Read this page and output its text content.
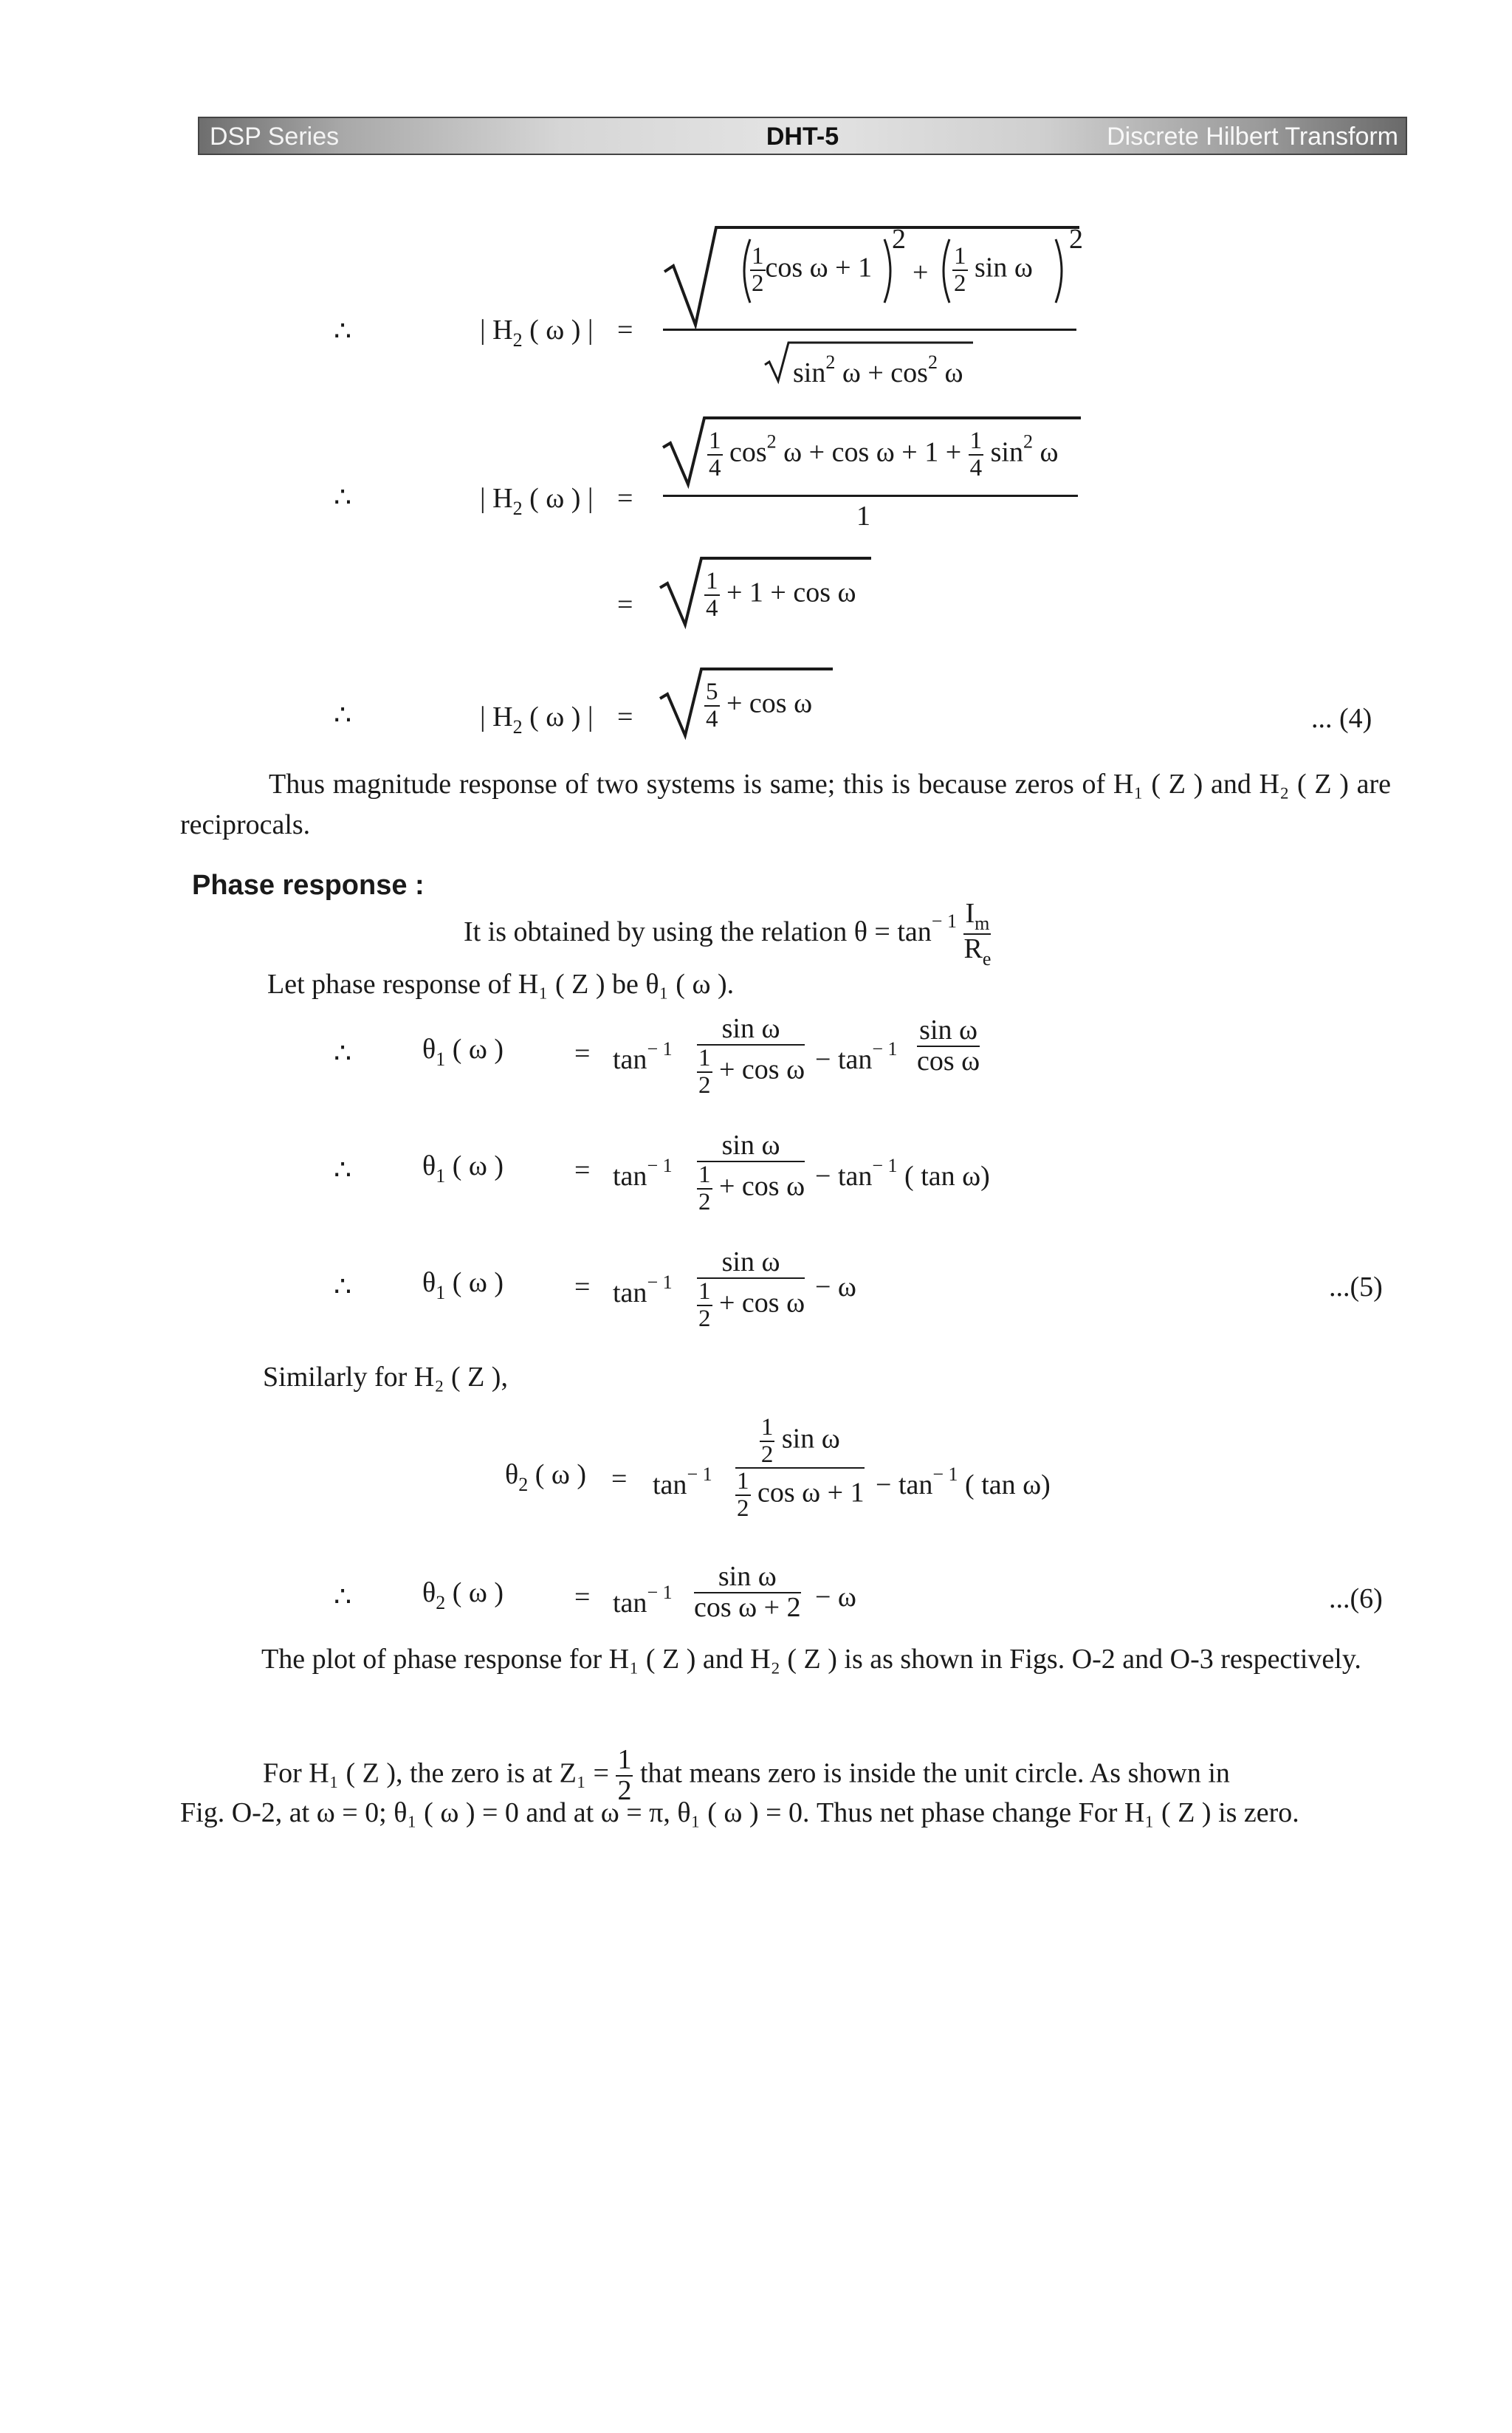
DSP Series	DHT-5	Discrete Hilbert Transform
∴	| $H_2$ ( ω ) | =
$\frac{1}{2}$ cos ω + 1
2
+ $\frac{1}{2}$ sin ω
2
$\sin^2 \omega + \cos^2 \omega$
∴	| $H_2$ ( ω ) | =
$\frac{1}{4} \cos^2 \omega + \cos \omega + 1 + \frac{1}{4} \sin^2 \omega$
1
=	$\frac{1}{4} + 1 + \cos \omega$
∴	| $H_2$ ( ω ) | =	$\frac{5}{4} + \cos \omega$	... (4)
Thus magnitude response of two systems is same; this is because zeros of H₁ ( Z ) and H₂ ( Z ) are reciprocals.
Phase response :
It is obtained by using the relation $\theta = \tan^{- 1} \frac{I_m}{R_e}$
Let phase response of H₁ ( Z ) be θ₁ ( ω ).
∴	$\theta_1$ ( ω )	= $\tan^{- 1} \frac{\text{sin ω}}{\frac{1}{2} + \cos \omega} - \tan^{- 1} \frac{\text{sin ω}}{\text{cos ω}}$
∴	$\theta_1$ ( ω )	= $\tan^{- 1} \frac{\text{sin ω}}{\frac{1}{2} + \cos \omega} - \tan^{- 1}$ ( tan ω)
∴	$\theta_1$ ( ω )	= $\tan^{- 1} \frac{\text{sin ω}}{\frac{1}{2} + \cos \omega} - \omega$	...(5)
Similarly for H₂ ( Z ),
$\theta_2$ ( ω ) = $\tan^{- 1} \frac{\frac{1}{2} \sin \omega}{\frac{1}{2} \cos \omega + 1} - \tan^{- 1}$ ( tan ω)
∴	$\theta_2$ ( ω )	= $\tan^{- 1} \frac{\text{sin ω}}{\text{cos ω + 2}} - \omega$	...(6)
The plot of phase response for H₁ ( Z ) and H₂ ( Z ) is as shown in Figs. O-2 and O-3 respectively.
For H₁ ( Z ), the zero is at $Z_1 = \frac{1}{2}$ that means zero is inside the unit circle. As shown in
Fig. O-2, at ω = 0; θ₁ ( ω ) = 0 and at ω = π, θ₁ ( ω ) = 0. Thus net phase change For H₁ ( Z ) is zero.
